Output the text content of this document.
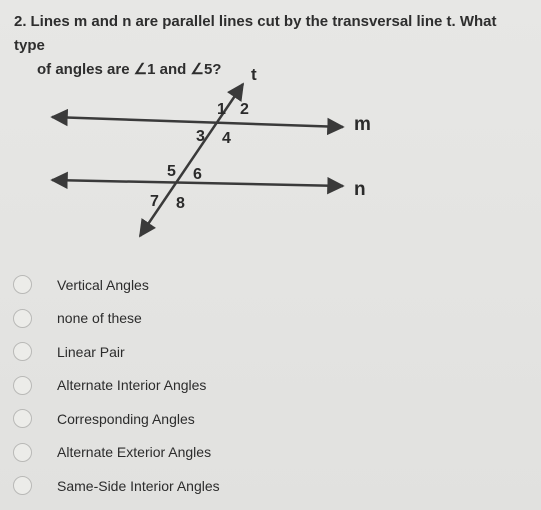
2. Lines m and n are parallel lines cut by the transversal line t. What type
of angles are ∠1 and ∠5?	t
m
n
1 2
3 4
5 6
7 8
Vertical Angles
none of these
Linear Pair
Alternate Interior Angles
Corresponding Angles
Alternate Exterior Angles
Same-Side Interior Angles
